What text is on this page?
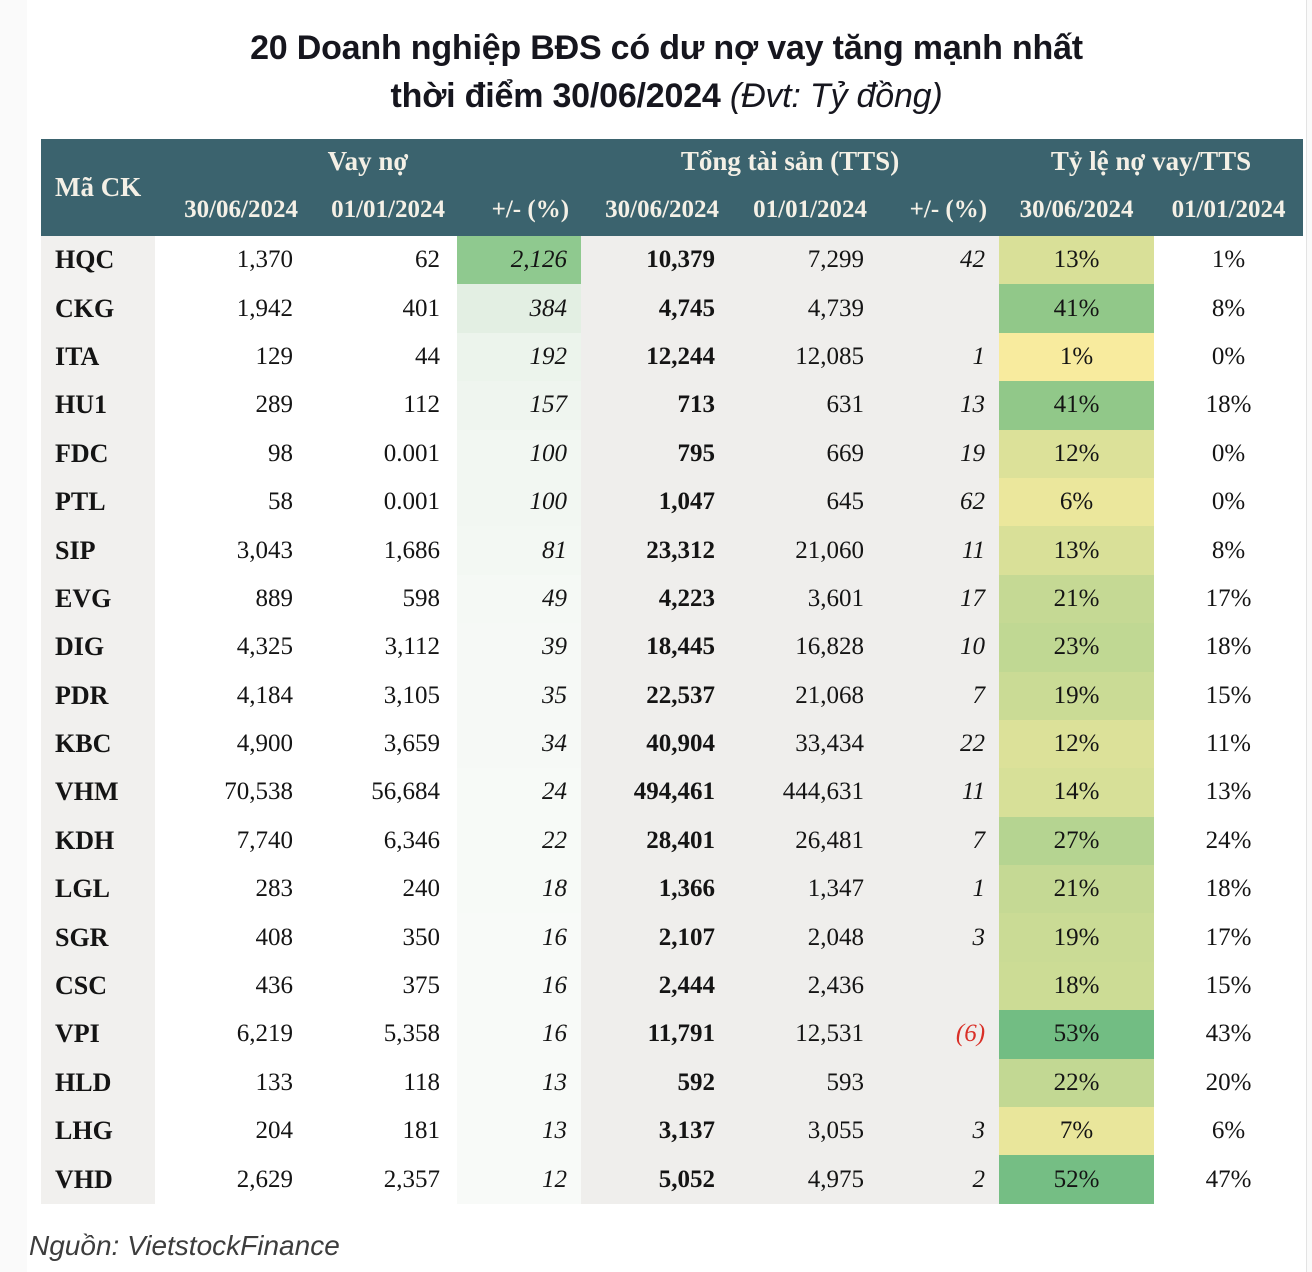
20 Doanh nghiệp BĐS có dư nợ vay tăng mạnh nhất
thời điểm 30/06/2024 (Đvt: Tỷ đồng)
Mã CK	Vay nợ			Tổng tài sản (TTS)			Tỷ lệ nợ vay/TTS	
	30/06/2024	01/01/2024	+/- (%)	30/06/2024	01/01/2024	+/- (%)	30/06/2024	01/01/2024
HQC	1,370	62	2,126	10,379	7,299	42	13%	1%
CKG	1,942	401	384	4,745	4,739		41%	8%
ITA	129	44	192	12,244	12,085	1	1%	0%
HU1	289	112	157	713	631	13	41%	18%
FDC	98	0.001	100	795	669	19	12%	0%
PTL	58	0.001	100	1,047	645	62	6%	0%
SIP	3,043	1,686	81	23,312	21,060	11	13%	8%
EVG	889	598	49	4,223	3,601	17	21%	17%
DIG	4,325	3,112	39	18,445	16,828	10	23%	18%
PDR	4,184	3,105	35	22,537	21,068	7	19%	15%
KBC	4,900	3,659	34	40,904	33,434	22	12%	11%
VHM	70,538	56,684	24	494,461	444,631	11	14%	13%
KDH	7,740	6,346	22	28,401	26,481	7	27%	24%
LGL	283	240	18	1,366	1,347	1	21%	18%
SGR	408	350	16	2,107	2,048	3	19%	17%
CSC	436	375	16	2,444	2,436		18%	15%
VPI	6,219	5,358	16	11,791	12,531	(6)	53%	43%
HLD	133	118	13	592	593		22%	20%
LHG	204	181	13	3,137	3,055	3	7%	6%
VHD	2,629	2,357	12	5,052	4,975	2	52%	47%
Nguồn: VietstockFinance
